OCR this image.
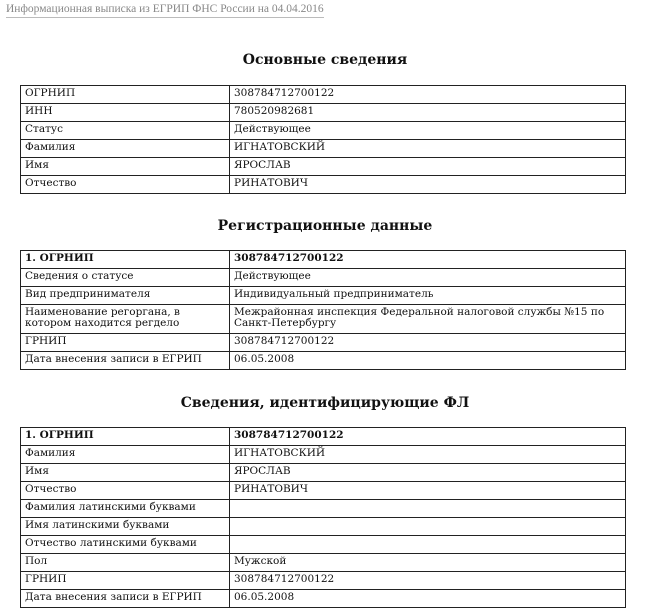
Информационная выписка из ЕГРИП ФНС России на 04.04.2016
Основные сведения
ОГРНИП	308784712700122
ИНН	780520982681
Статус	Действующее
Фамилия	ИГНАТОВСКИЙ
Имя	ЯРОСЛАВ
Отчество	РИНАТОВИЧ
Регистрационные данные
1. ОГРНИП	308784712700122
Сведения о статусе	Действующее
Вид предпринимателя	Индивидуальный предприниматель
Наименование регоргана, в котором находится регдело	Межрайонная инспекция Федеральной налоговой службы №15 по Санкт-Петербургу
ГРНИП	308784712700122
Дата внесения записи в ЕГРИП	06.05.2008
Сведения, идентифицирующие ФЛ
1. ОГРНИП	308784712700122
Фамилия	ИГНАТОВСКИЙ
Имя	ЯРОСЛАВ
Отчество	РИНАТОВИЧ
Фамилия латинскими буквами	
Имя латинскими буквами	
Отчество латинскими буквами	
Пол	Мужской
ГРНИП	308784712700122
Дата внесения записи в ЕГРИП	06.05.2008
